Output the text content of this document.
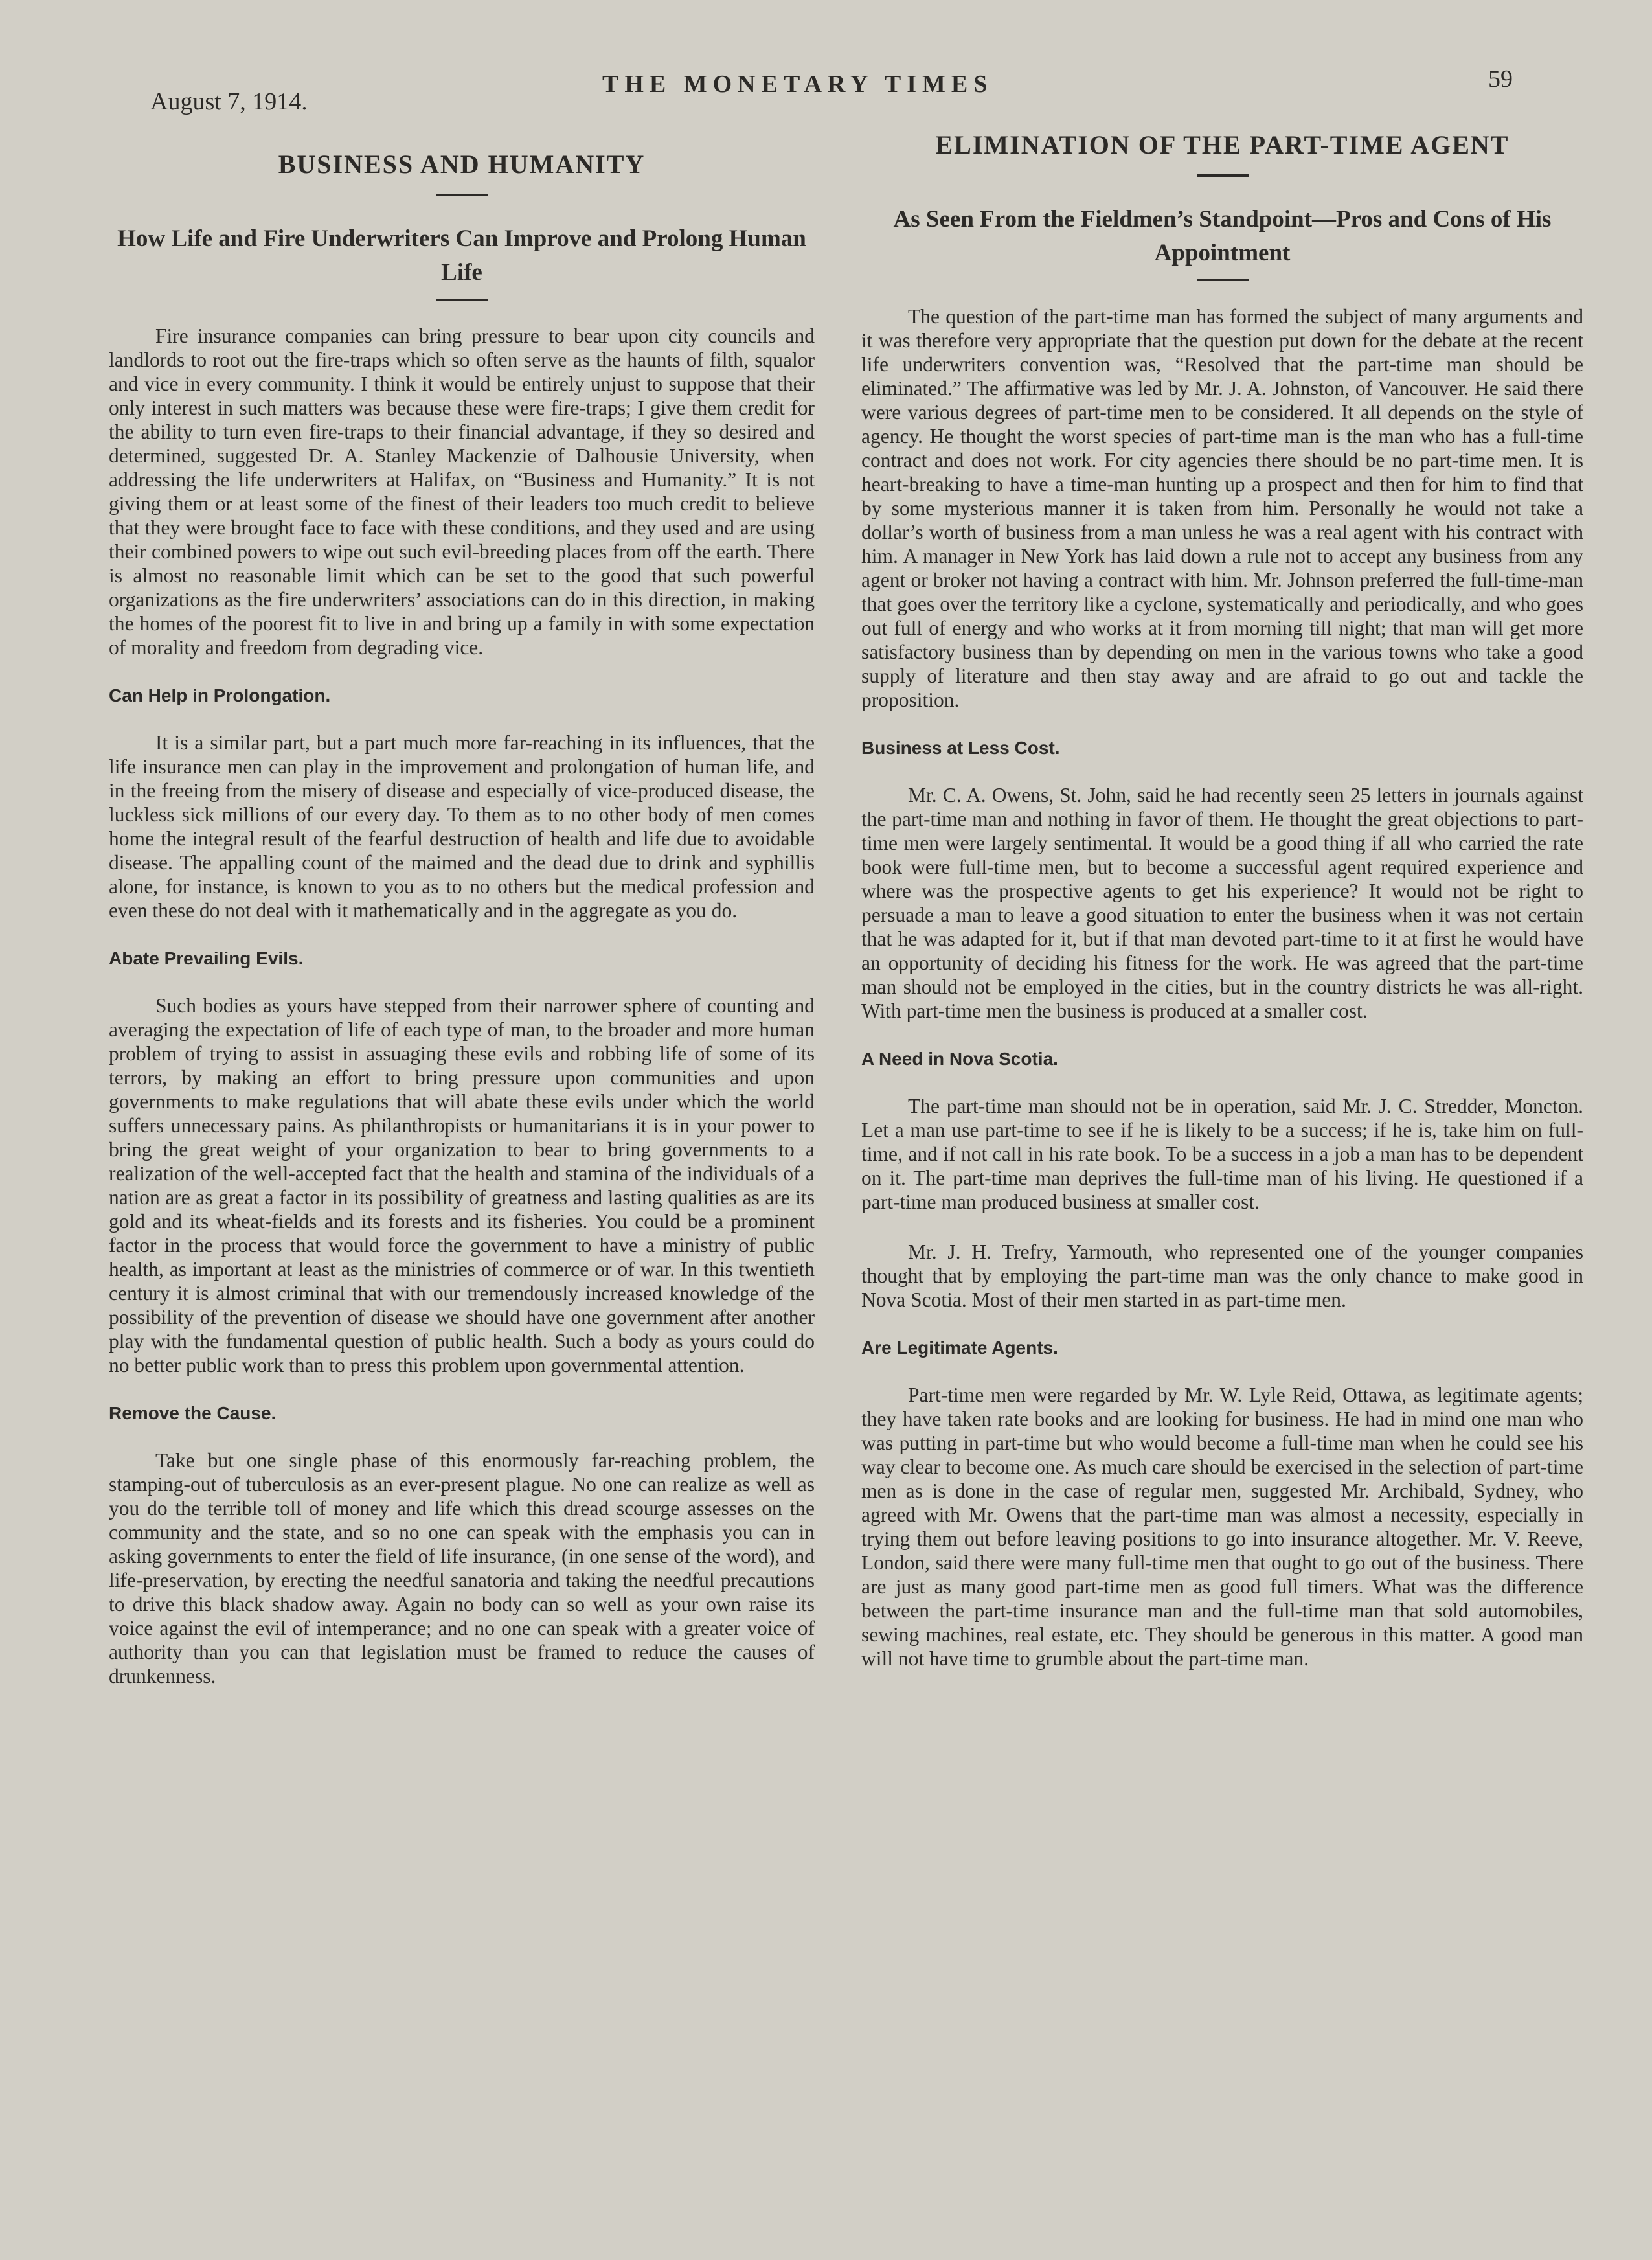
August 7, 1914.
THE MONETARY TIMES	59
BUSINESS AND HUMANITY
How Life and Fire Underwriters Can Improve and Prolong Human Life

Fire insurance companies can bring pressure to bear upon city councils and landlords to root out the fire-traps which so often serve as the haunts of filth, squalor and vice in every community. I think it would be entirely unjust to suppose that their only interest in such matters was because these were fire-traps; I give them credit for the ability to turn even fire-traps to their financial advantage, if they so desired and determined, suggested Dr. A. Stanley Mackenzie of Dalhousie University, when addressing the life underwriters at Halifax, on “Business and Humanity.” It is not giving them or at least some of the finest of their leaders too much credit to believe that they were brought face to face with these conditions, and they used and are using their combined powers to wipe out such evil-breeding places from off the earth. There is almost no reasonable limit which can be set to the good that such powerful organizations as the fire underwriters’ associations can do in this direction, in making the homes of the poorest fit to live in and bring up a family in with some expectation of morality and freedom from degrading vice.

Can Help in Prolongation.

It is a similar part, but a part much more far-reaching in its influences, that the life insurance men can play in the improvement and prolongation of human life, and in the freeing from the misery of disease and especially of vice-produced disease, the luckless sick millions of our every day. To them as to no other body of men comes home the integral result of the fearful destruction of health and life due to avoidable disease. The appalling count of the maimed and the dead due to drink and syphillis alone, for instance, is known to you as to no others but the medical profession and even these do not deal with it mathematically and in the aggregate as you do.

Abate Prevailing Evils.

Such bodies as yours have stepped from their narrower sphere of counting and averaging the expectation of life of each type of man, to the broader and more human problem of trying to assist in assuaging these evils and robbing life of some of its terrors, by making an effort to bring pressure upon communities and upon governments to make regulations that will abate these evils under which the world suffers unnecessary pains. As philanthropists or humanitarians it is in your power to bring the great weight of your organization to bear to bring governments to a realization of the well-accepted fact that the health and stamina of the individuals of a nation are as great a factor in its possibility of greatness and lasting qualities as are its gold and its wheat-fields and its forests and its fisheries. You could be a prominent factor in the process that would force the government to have a ministry of public health, as important at least as the ministries of commerce or of war. In this twentieth century it is almost criminal that with our tremendously increased knowledge of the possibility of the prevention of disease we should have one government after another play with the fundamental question of public health. Such a body as yours could do no better public work than to press this problem upon governmental attention.

Remove the Cause.

Take but one single phase of this enormously far-reaching problem, the stamping-out of tuberculosis as an ever-present plague. No one can realize as well as you do the terrible toll of money and life which this dread scourge assesses on the community and the state, and so no one can speak with the emphasis you can in asking governments to enter the field of life insurance, (in one sense of the word), and life-preservation, by erecting the needful sanatoria and taking the needful precautions to drive this black shadow away. Again no body can so well as your own raise its voice against the evil of intemperance; and no one can speak with a greater voice of authority than you can that legislation must be framed to reduce the causes of drunkenness.

ELIMINATION OF THE PART-TIME AGENT
As Seen From the Fieldmen’s Standpoint—Pros and Cons of His Appointment

The question of the part-time man has formed the subject of many arguments and it was therefore very appropriate that the question put down for the debate at the recent life underwriters convention was, “Resolved that the part-time man should be eliminated.” The affirmative was led by Mr. J. A. Johnston, of Vancouver. He said there were various degrees of part-time men to be considered. It all depends on the style of agency. He thought the worst species of part-time man is the man who has a full-time contract and does not work. For city agencies there should be no part-time men. It is heart-breaking to have a time-man hunting up a prospect and then for him to find that by some mysterious manner it is taken from him. Personally he would not take a dollar’s worth of business from a man unless he was a real agent with his contract with him. A manager in New York has laid down a rule not to accept any business from any agent or broker not having a contract with him. Mr. Johnson preferred the full-time-man that goes over the territory like a cyclone, systematically and periodically, and who goes out full of energy and who works at it from morning till night; that man will get more satisfactory business than by depending on men in the various towns who take a good supply of literature and then stay away and are afraid to go out and tackle the proposition.

Business at Less Cost.

Mr. C. A. Owens, St. John, said he had recently seen 25 letters in journals against the part-time man and nothing in favor of them. He thought the great objections to part-time men were largely sentimental. It would be a good thing if all who carried the rate book were full-time men, but to become a successful agent required experience and where was the prospective agents to get his experience? It would not be right to persuade a man to leave a good situation to enter the business when it was not certain that he was adapted for it, but if that man devoted part-time to it at first he would have an opportunity of deciding his fitness for the work. He was agreed that the part-time man should not be employed in the cities, but in the country districts he was all-right. With part-time men the business is produced at a smaller cost.

A Need in Nova Scotia.

The part-time man should not be in operation, said Mr. J. C. Stredder, Moncton. Let a man use part-time to see if he is likely to be a success; if he is, take him on full-time, and if not call in his rate book. To be a success in a job a man has to be dependent on it. The part-time man deprives the full-time man of his living. He questioned if a part-time man produced business at smaller cost.

Mr. J. H. Trefry, Yarmouth, who represented one of the younger companies thought that by employing the part-time man was the only chance to make good in Nova Scotia. Most of their men started in as part-time men.

Are Legitimate Agents.

Part-time men were regarded by Mr. W. Lyle Reid, Ottawa, as legitimate agents; they have taken rate books and are looking for business. He had in mind one man who was putting in part-time but who would become a full-time man when he could see his way clear to become one. As much care should be exercised in the selection of part-time men as is done in the case of regular men, suggested Mr. Archibald, Sydney, who agreed with Mr. Owens that the part-time man was almost a necessity, especially in trying them out before leaving positions to go into insurance altogether. Mr. V. Reeve, London, said there were many full-time men that ought to go out of the business. There are just as many good part-time men as good full timers. What was the difference between the part-time insurance man and the full-time man that sold automobiles, sewing machines, real estate, etc. They should be generous in this matter. A good man will not have time to grumble about the part-time man.
